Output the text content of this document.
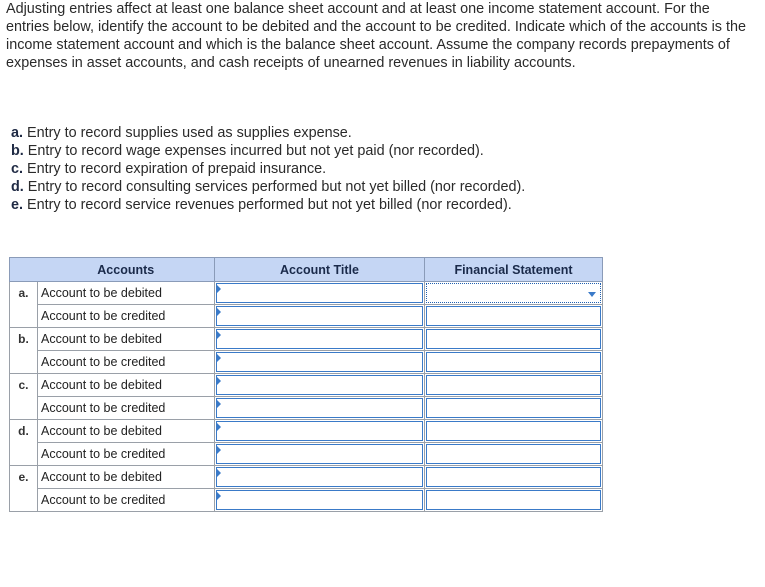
Adjusting entries affect at least one balance sheet account and at least one income statement account. For the entries below, identify the account to be debited and the account to be credited. Indicate which of the accounts is the income statement account and which is the balance sheet account. Assume the company records prepayments of expenses in asset accounts, and cash receipts of unearned revenues in liability accounts.

a. Entry to record supplies used as supplies expense.
b. Entry to record wage expenses incurred but not yet paid (nor recorded).
c. Entry to record expiration of prepaid insurance.
d. Entry to record consulting services performed but not yet billed (nor recorded).
e. Entry to record service revenues performed but not yet billed (nor recorded).
	Accounts	Account Title	Financial Statement
a.	Account to be debited	

	Account to be credited	

b.	Account to be debited	

	Account to be credited	

c.	Account to be debited	

	Account to be credited	

d.	Account to be debited	

	Account to be credited	

e.	Account to be debited	

	Account to be credited	
